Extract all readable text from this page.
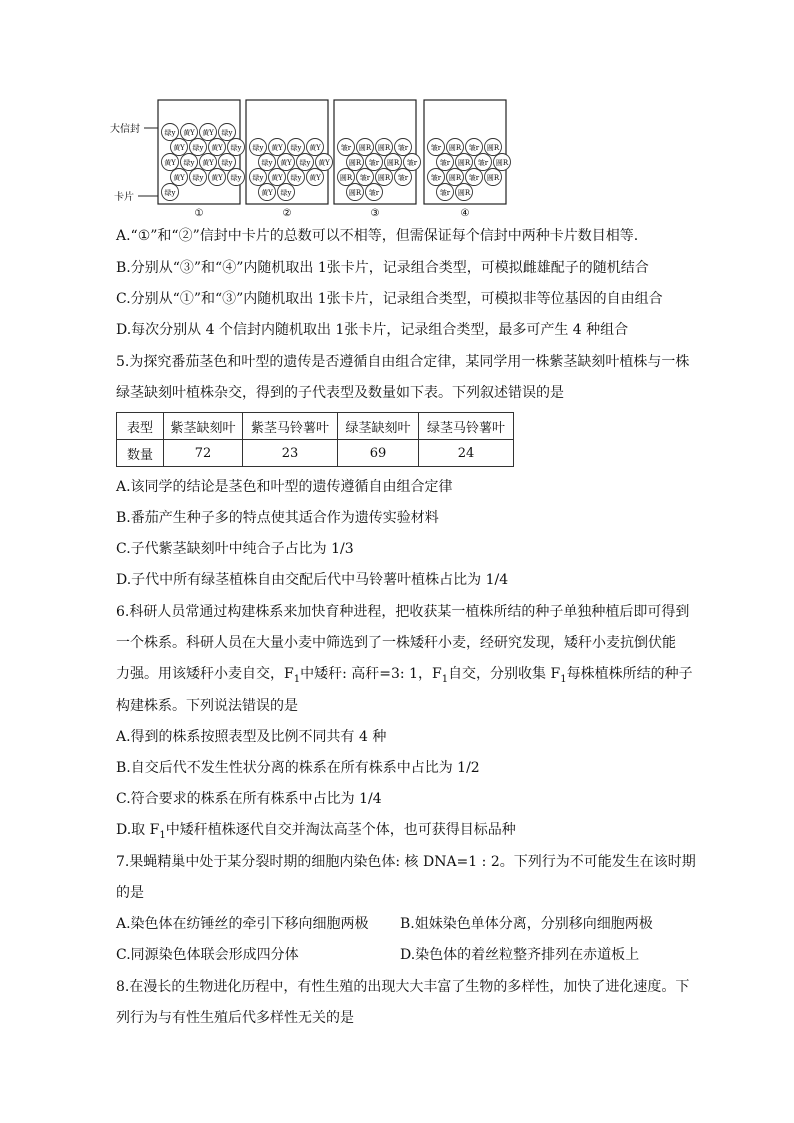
大信封
卡片
绿y 黄Y 黄Y 绿y
黄Y 绿y 黄Y 绿y
黄Y 绿y 黄Y 绿y
黄Y 绿y 黄Y 绿y
绿y
①
绿y 黄Y 绿y 黄Y
绿y 黄Y 绿y 黄Y
绿y 黄Y 绿y 黄Y
黄Y 绿y
②
皱r 圆R 圆R 皱r
圆R 皱r 圆R 皱r
圆R 皱r 圆R 皱r
圆R 皱r
③
皱r 圆R 皱r 圆R
皱r 圆R 皱r 圆R
皱r 圆R 皱r 圆R
皱r 圆R
④
A.“①”和“②”信封中卡片的总数可以不相等，但需保证每个信封中两种卡片数目相等.
B.分别从“③”和“④”内随机取出 1张卡片，记录组合类型，可模拟雌雄配子的随机结合
C.分别从“①”和“③”内随机取出 1张卡片，记录组合类型，可模拟非等位基因的自由组合
D.每次分别从 4 个信封内随机取出 1张卡片，记录组合类型，最多可产生 4 种组合
5.为探究番茄茎色和叶型的遗传是否遵循自由组合定律，某同学用一株紫茎缺刻叶植株与一株
绿茎缺刻叶植株杂交，得到的子代表型及数量如下表。下列叙述错误的是
表型	紫茎缺刻叶	紫茎马铃薯叶	绿茎缺刻叶	绿茎马铃薯叶
数量	72	23	69	24
A.该同学的结论是茎色和叶型的遗传遵循自由组合定律
B.番茄产生种子多的特点使其适合作为遗传实验材料
C.子代紫茎缺刻叶中纯合子占比为 1/3
D.子代中所有绿茎植株自由交配后代中马铃薯叶植株占比为 1/4
6.科研人员常通过构建株系来加快育种进程，把收获某一植株所结的种子单独种植后即可得到
一个株系。科研人员在大量小麦中筛选到了一株矮秆小麦，经研究发现，矮秆小麦抗倒伏能
力强。用该矮秆小麦自交，$F_1$中矮秆: 高秆=3: 1，$F_1$自交，分别收集 $F_1$每株植株所结的种子
构建株系。下列说法错误的是
A.得到的株系按照表型及比例不同共有 4 种
B.自交后代不发生性状分离的株系在所有株系中占比为 1/2
C.符合要求的株系在所有株系中占比为 1/4
D.取 $F_1$中矮秆植株逐代自交并淘汰高茎个体，也可获得目标品种
7.果蝇精巢中处于某分裂时期的细胞内染色体: 核 DNA=1 : 2。下列行为不可能发生在该时期
的是
A.染色体在纺锤丝的牵引下移向细胞两极 B.姐妹染色单体分离，分别移向细胞两极
C.同源染色体联会形成四分体	D.染色体的着丝粒整齐排列在赤道板上
8.在漫长的生物进化历程中，有性生殖的出现大大丰富了生物的多样性，加快了进化速度。下
列行为与有性生殖后代多样性无关的是
